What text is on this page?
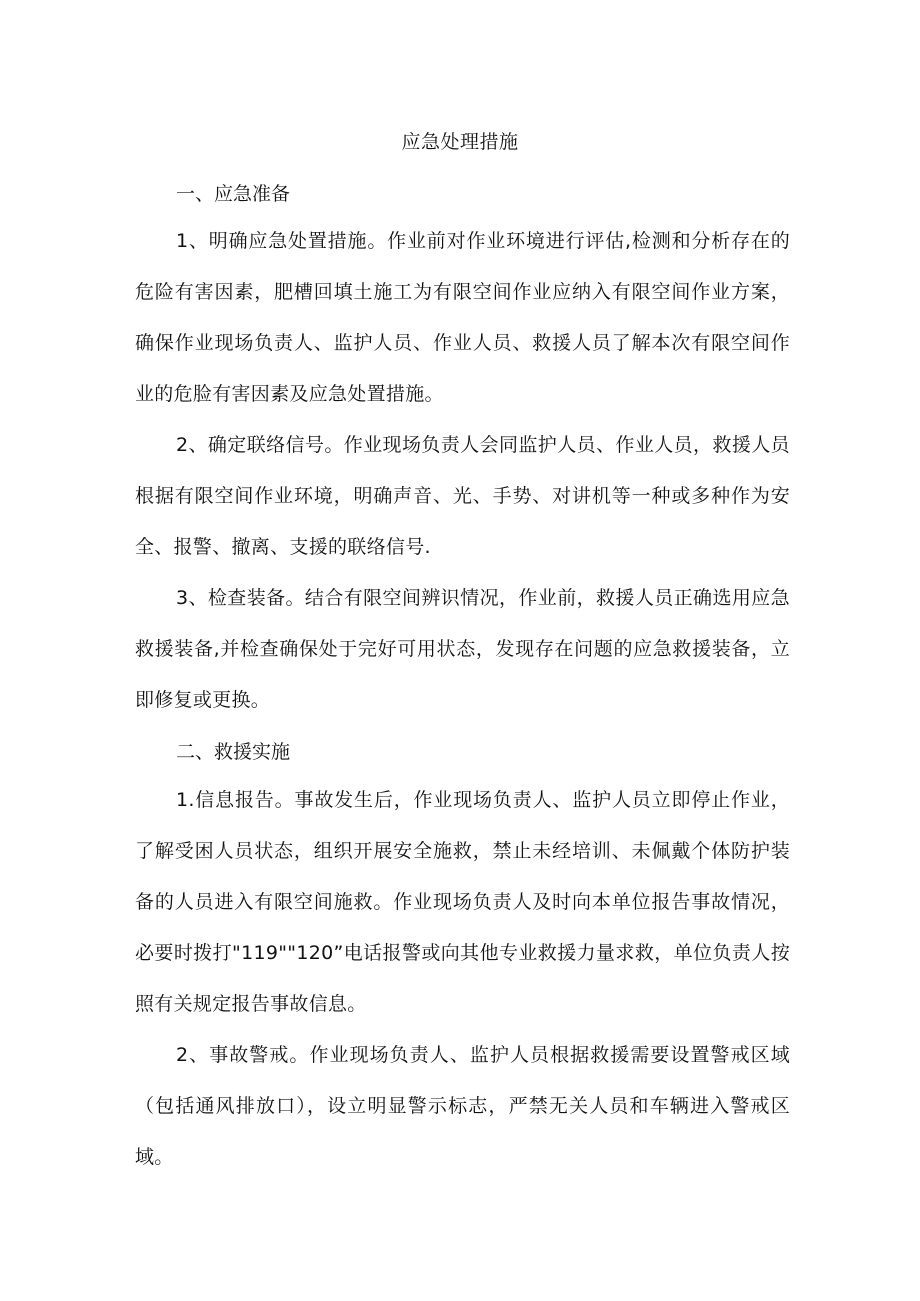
应急处理措施
一、应急准备
1、明确应急处置措施。作业前对作业环境进行评估,检测和分析存在的危险有害因素，肥槽回填土施工为有限空间作业应纳入有限空间作业方案，确保作业现场负责人、监护人员、作业人员、救援人员了解本次有限空间作业的危脸有害因素及应急处置措施。
2、确定联络信号。作业现场负责人会同监护人员、作业人员，救援人员根据有限空间作业环境，明确声音、光、手势、对讲机等一种或多种作为安全、报警、撤离、支援的联络信号.
3、检查装备。结合有限空间辨识情况，作业前，救援人员正确选用应急救援装备,并检查确保处于完好可用状态，发现存在问题的应急救援装备，立即修复或更换。
二、救援实施
1.信息报告。事故发生后，作业现场负责人、监护人员立即停止作业，了解受困人员状态，组织开展安全施救，禁止未经培训、未佩戴个体防护装备的人员进入有限空间施救。作业现场负责人及时向本单位报告事故情况，必要时拨打"119""120”电话报警或向其他专业救援力量求救，单位负责人按照有关规定报告事故信息。
2、事故警戒。作业现场负责人、监护人员根据救援需要设置警戒区域（包括通风排放口），设立明显警示标志，严禁无关人员和车辆进入警戒区域。
